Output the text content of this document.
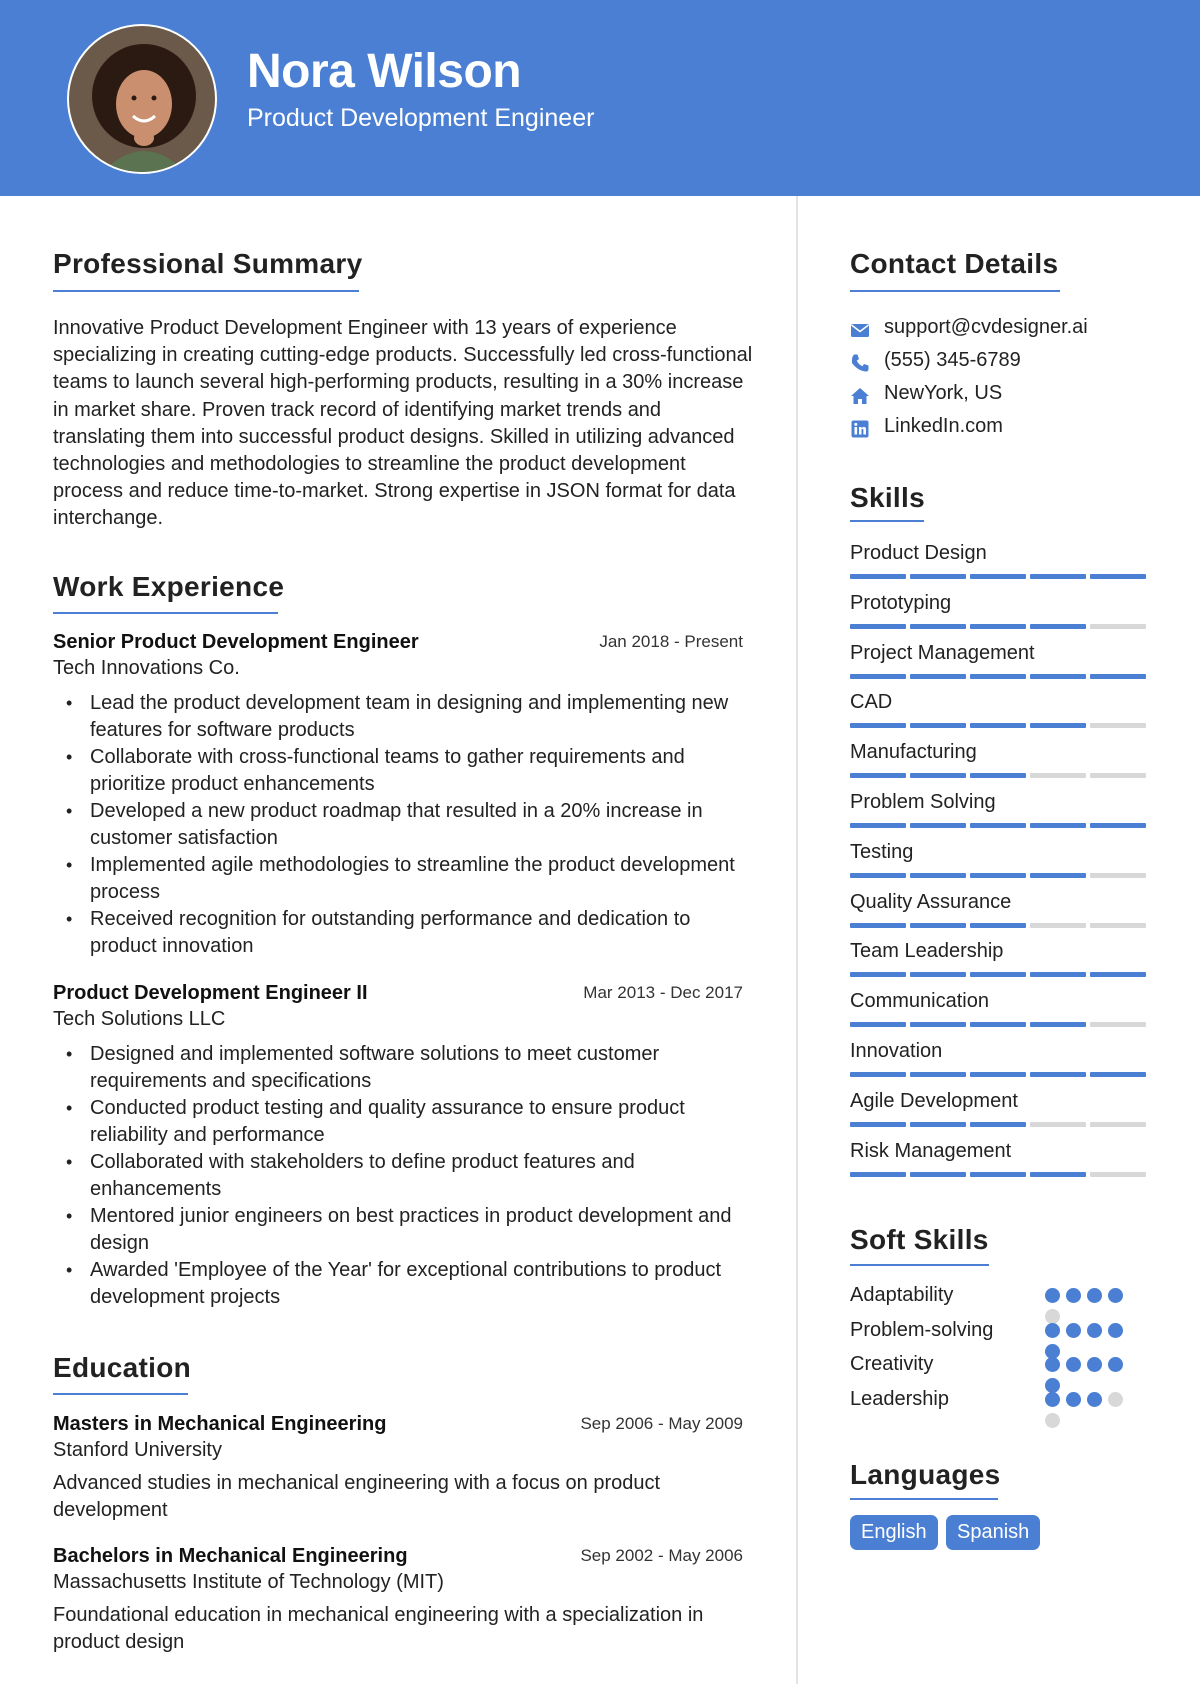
Nora Wilson
Product Development Engineer
Professional Summary
Innovative Product Development Engineer with 13 years of experience specializing in creating cutting-edge products. Successfully led cross-functional teams to launch several high-performing products, resulting in a 30% increase in market share. Proven track record of identifying market trends and translating them into successful product designs. Skilled in utilizing advanced technologies and methodologies to streamline the product development process and reduce time-to-market. Strong expertise in JSON format for data interchange.
Work Experience
Senior Product Development Engineer	Jan 2018 - Present
Tech Innovations Co.
• Lead the product development team in designing and implementing new features for software products
• Collaborate with cross-functional teams to gather requirements and prioritize product enhancements
• Developed a new product roadmap that resulted in a 20% increase in customer satisfaction
• Implemented agile methodologies to streamline the product development process
• Received recognition for outstanding performance and dedication to product innovation
Product Development Engineer II	Mar 2013 - Dec 2017
Tech Solutions LLC
• Designed and implemented software solutions to meet customer requirements and specifications
• Conducted product testing and quality assurance to ensure product reliability and performance
• Collaborated with stakeholders to define product features and enhancements
• Mentored junior engineers on best practices in product development and design
• Awarded 'Employee of the Year' for exceptional contributions to product development projects
Education
Masters in Mechanical Engineering	Sep 2006 - May 2009
Stanford University
Advanced studies in mechanical engineering with a focus on product development
Bachelors in Mechanical Engineering	Sep 2002 - May 2006
Massachusetts Institute of Technology (MIT)
Foundational education in mechanical engineering with a specialization in product design
Contact Details
support@cvdesigner.ai
(555) 345-6789
NewYork, US
LinkedIn.com
Skills
Product Design
Prototyping
Project Management
CAD
Manufacturing
Problem Solving
Testing
Quality Assurance
Team Leadership
Communication
Innovation
Agile Development
Risk Management
Soft Skills
Adaptability
Problem-solving
Creativity
Leadership
Languages
English	Spanish
